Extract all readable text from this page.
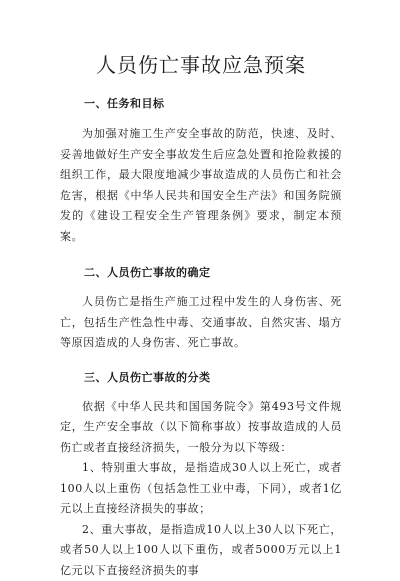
人员伤亡事故应急预案
一、任务和目标

为加强对施工生产安全事故的防范，快速、及时、妥善地做好生产安全事故发生后应急处置和抢险救援的组织工作，最大限度地减少事故造成的人员伤亡和社会危害，根据《中华人民共和国安全生产法》和国务院颁发的《建设工程安全生产管理条例》要求，制定本预案。

二、人员伤亡事故的确定

人员伤亡是指生产施工过程中发生的人身伤害、死亡，包括生产性急性中毒、交通事故、自然灾害、塌方等原因造成的人身伤害、死亡事故。

三、人员伤亡事故的分类

依据《中华人民共和国国务院令》第493号文件规定，生产安全事故（以下简称事故）按事故造成的人员伤亡或者直接经济损失，一般分为以下等级：

1、特别重大事故，是指造成30人以上死亡，或者100人以上重伤（包括急性工业中毒，下同），或者1亿元以上直接经济损失的事故；

2、重大事故，是指造成10人以上30人以下死亡，或者50人以上100人以下重伤，或者5000万元以上1亿元以下直接经济损失的事
